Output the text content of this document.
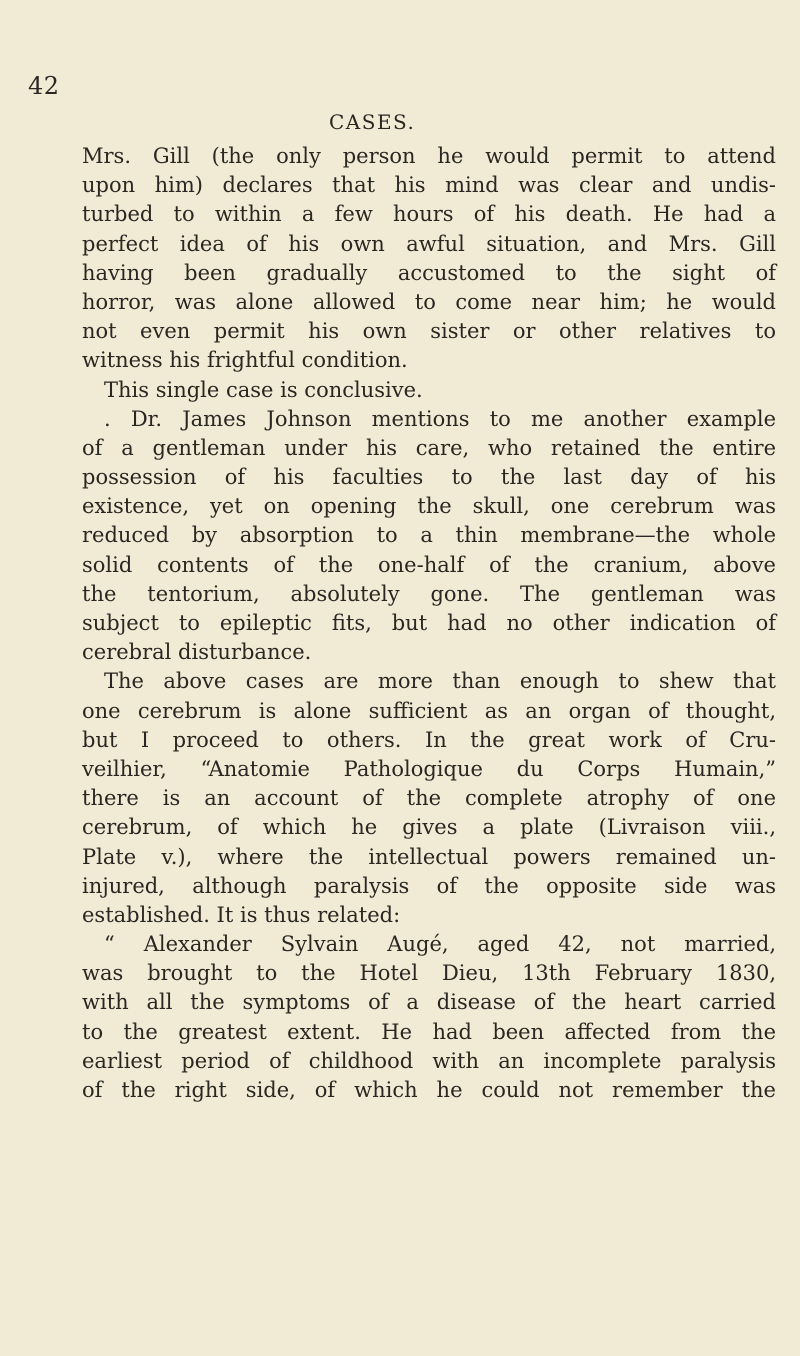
42
CASES.
Mrs. Gill (the only person he would permit to attend
upon him) declares that his mind was clear and undis-
turbed to within a few hours of his death. He had a
perfect idea of his own awful situation, and Mrs. Gill
having been gradually accustomed to the sight of
horror, was alone allowed to come near him; he would
not even permit his own sister or other relatives to
witness his frightful condition.
This single case is conclusive.
. Dr. James Johnson mentions to me another example
of a gentleman under his care, who retained the entire
possession of his faculties to the last day of his
existence, yet on opening the skull, one cerebrum was
reduced by absorption to a thin membrane—the whole
solid contents of the one-half of the cranium, above
the tentorium, absolutely gone. The gentleman was
subject to epileptic fits, but had no other indication of
cerebral disturbance.
The above cases are more than enough to shew that
one cerebrum is alone sufficient as an organ of thought,
but I proceed to others. In the great work of Cru-
veilhier, “Anatomie Pathologique du Corps Humain,”
there is an account of the complete atrophy of one
cerebrum, of which he gives a plate (Livraison viii.,
Plate v.), where the intellectual powers remained un-
injured, although paralysis of the opposite side was
established. It is thus related:
“ Alexander Sylvain Augé, aged 42, not married,
was brought to the Hotel Dieu, 13th February 1830,
with all the symptoms of a disease of the heart carried
to the greatest extent. He had been affected from the
earliest period of childhood with an incomplete paralysis
of the right side, of which he could not remember the
